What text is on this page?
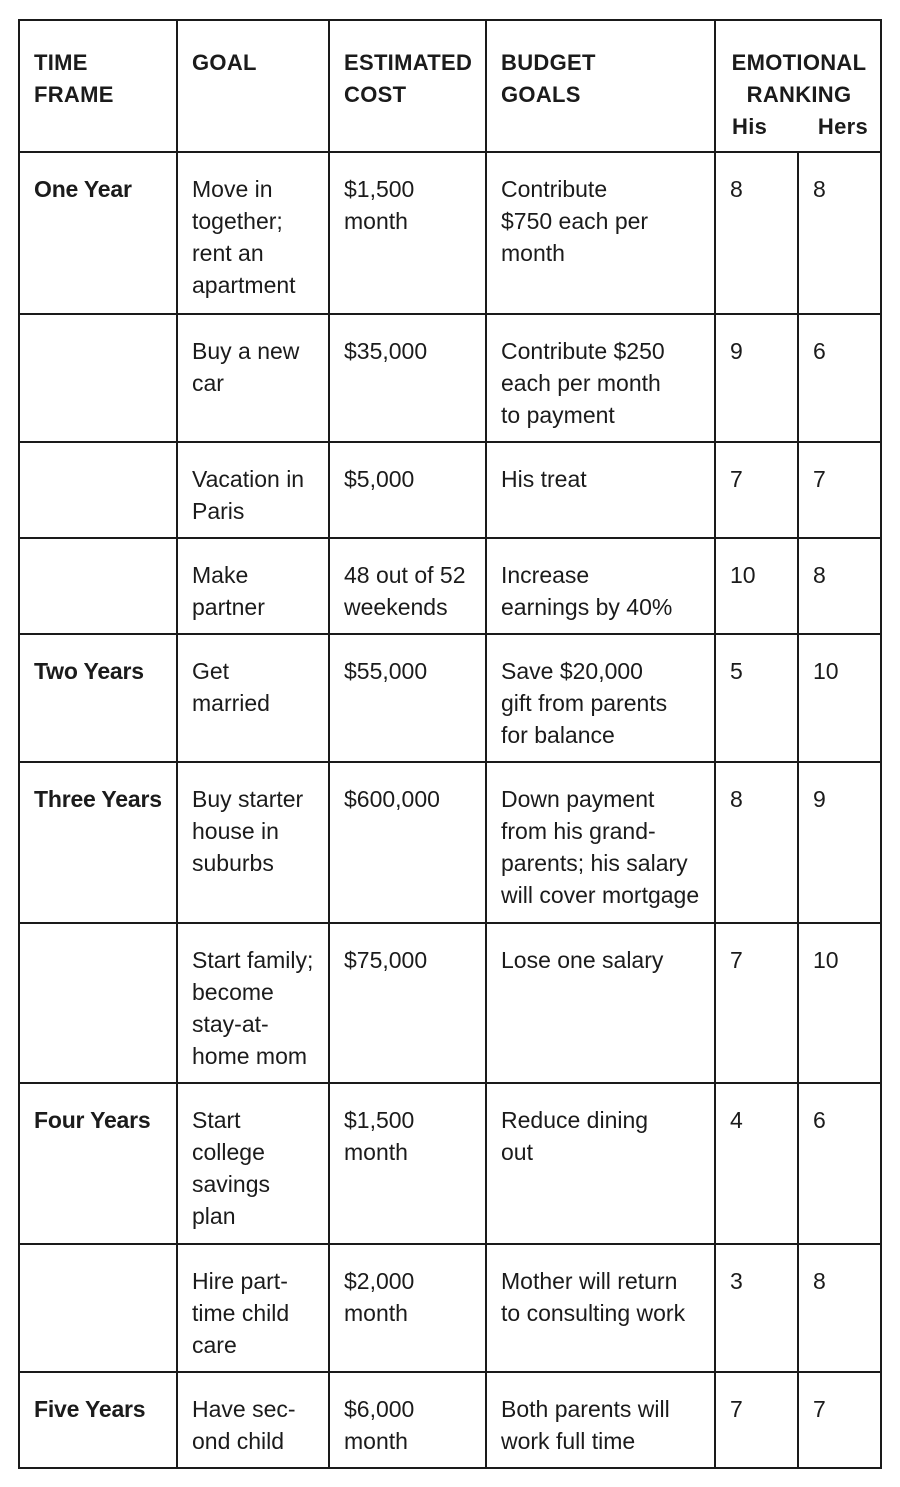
TIME
FRAME	GOAL	ESTIMATED
COST	BUDGET
GOALS	EMOTIONAL
RANKING
His Hers	

One Year	Move in
together;
rent an
apartment	$1,500
month	Contribute
$750 each per
month	8	8

	Buy a new
car	$35,000	Contribute $250
each per month
to payment	9	6

	Vacation in
Paris	$5,000	His treat	7	7

	Make
partner	48 out of 52
weekends	Increase
earnings by 40%	10	8
Two Years	Get
married	$55,000	Save $20,000
gift from parents
for balance	5	10
Three Years	Buy starter
house in
suburbs	$600,000	Down payment
from his grand-
parents; his salary
will cover mortgage	8	9

	Start family;
become
stay-at-
home mom	$75,000	Lose one salary	7	10
Four Years	Start
college
savings
plan	$1,500
month	Reduce dining
out	4	6

	Hire part-
time child
care	$2,000
month	Mother will return
to consulting work	3	8
Five Years	Have sec-
ond child	$6,000
month	Both parents will
work full time	7	7
